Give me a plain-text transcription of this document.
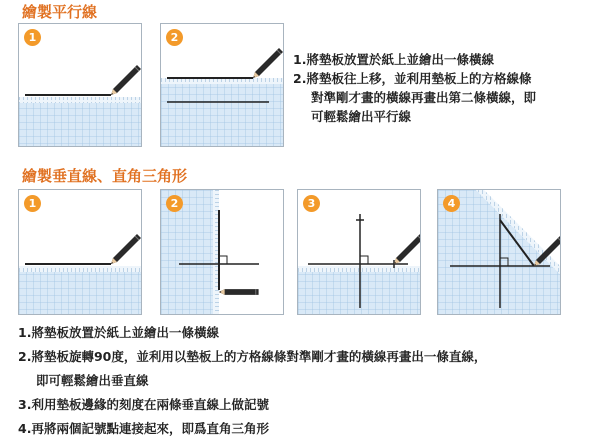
繪製平行線
1	2
1.將墊板放置於紙上並繪出一條橫線
2.將墊板往上移，並利用墊板上的方格線條
對準剛才畫的橫線再畫出第二條橫線，即
可輕鬆繪出平行線
繪製垂直線、直角三角形
1	2	3	4
1.將墊板放置於紙上並繪出一條橫線
2.將墊板旋轉90度，並利用以墊板上的方格線條對準剛才畫的橫線再畫出一條直線，
即可輕鬆繪出垂直線
3.利用墊板邊緣的刻度在兩條垂直線上做記號
4.再將兩個記號點連接起來，即爲直角三角形
